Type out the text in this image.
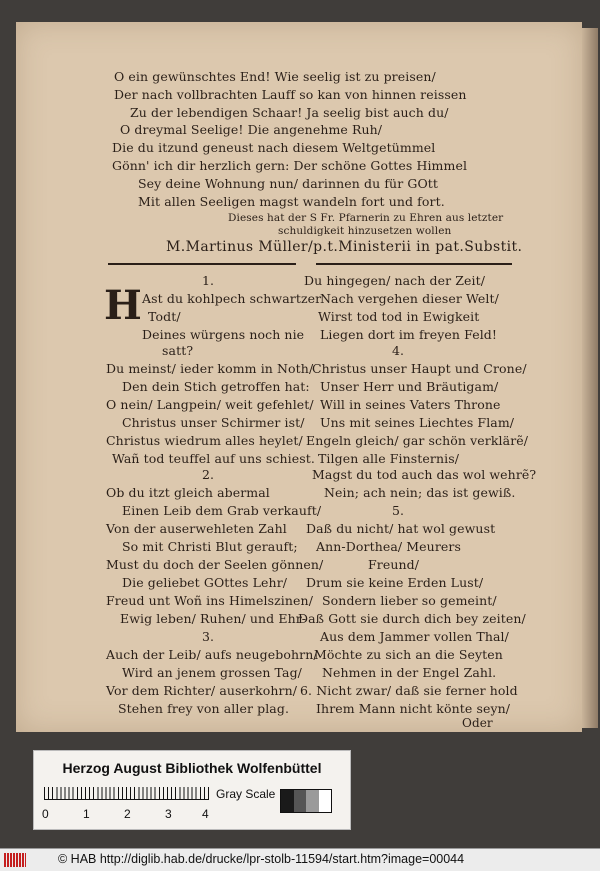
O ein gewünschtes End! Wie seelig ist zu preisen/
Der nach vollbrachten Lauff so kan von hinnen reissen
Zu der lebendigen Schaar! Ja seelig bist auch du/
O dreymal Seelige! Die angenehme Ruh/
Die du itzund geneust nach diesem Weltgetümmel
Gönn' ich dir herzlich gern: Der schöne Gottes Himmel
Sey deine Wohnung nun/ darinnen du für GOtt
Mit allen Seeligen magst wandeln fort und fort.
Dieses hat der S Fr. Pfarnerin zu Ehren aus letzter
schuldigkeit hinzusetzen wollen
M.Martinus Müller/p.t.Ministerii in pat.Substit.
H
1.
Ast du kohlpech schwartzer
Todt/
Deines würgens noch nie
satt?
Du meinst/ ieder komm in Noth/
Den dein Stich getroffen hat:
O nein/ Langpein/ weit gefehlet/
Christus unser Schirmer ist/
Christus wiedrum alles heylet/
Wañ tod teuffel auf uns schiest.
2.
Ob du itzt gleich abermal
Einen Leib dem Grab verkauft/
Von der auserwehleten Zahl
So mit Christi Blut gerauft;
Must du doch der Seelen gönnen/
Die geliebet GOttes Lehr/
Freud unt Woñ ins Himelszinen/
Ewig leben/ Ruhen/ und Ehr-
3.
Auch der Leib/ aufs neugebohrn/
Wird an jenem grossen Tag/
Vor dem Richter/ auserkohrn/
Stehen frey von aller plag.
Du hingegen/ nach der Zeit/
Nach vergehen dieser Welt/
Wirst tod tod in Ewigkeit
Liegen dort im freyen Feld!
4.
Christus unser Haupt und Crone/
Unser Herr und Bräutigam/
Will in seines Vaters Throne
Uns mit seines Liechtes Flam/
Engeln gleich/ gar schön verklärẽ/
Tilgen alle Finsternis/
Magst du tod auch das wol wehrẽ?
Nein; ach nein; das ist gewiß.
5.
Daß du nicht/ hat wol gewust
Ann-Dorthea/ Meurers
Freund/
Drum sie keine Erden Lust/
Sondern lieber so gemeint/
Daß Gott sie durch dich bey zeiten/
Aus dem Jammer vollen Thal/
Möchte zu sich an die Seyten
Nehmen in der Engel Zahl.
6. Nicht zwar/ daß sie ferner hold
Ihrem Mann nicht könte seyn/
Oder
Herzog August Bibliothek Wolfenbüttel
0	1	2	3	4
Gray Scale
© HAB http://diglib.hab.de/drucke/lpr-stolb-11594/start.htm?image=00044
